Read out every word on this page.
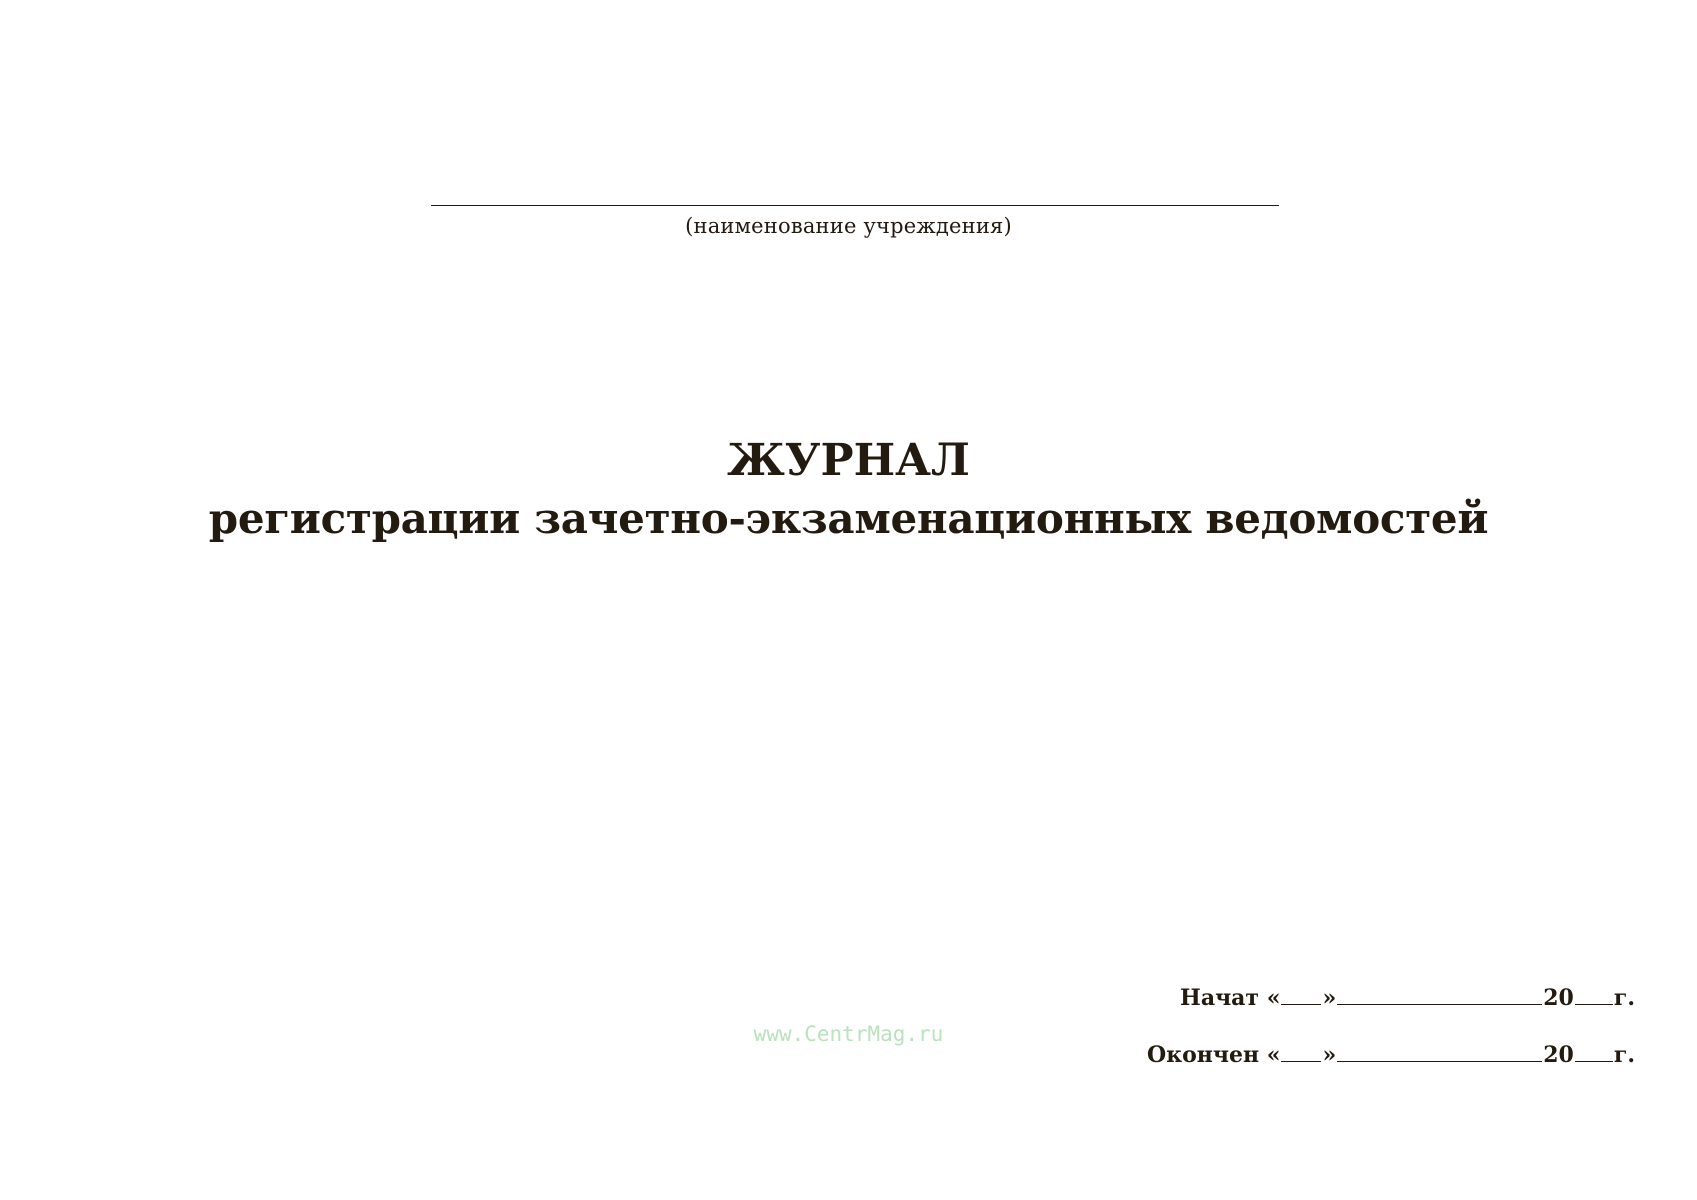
(наименование учреждения)
ЖУРНАЛ
регистрации зачетно-экзаменационных ведомостей
www.CentrMag.ru
Начат « »	20 г.
Окончен « »	20 г.
